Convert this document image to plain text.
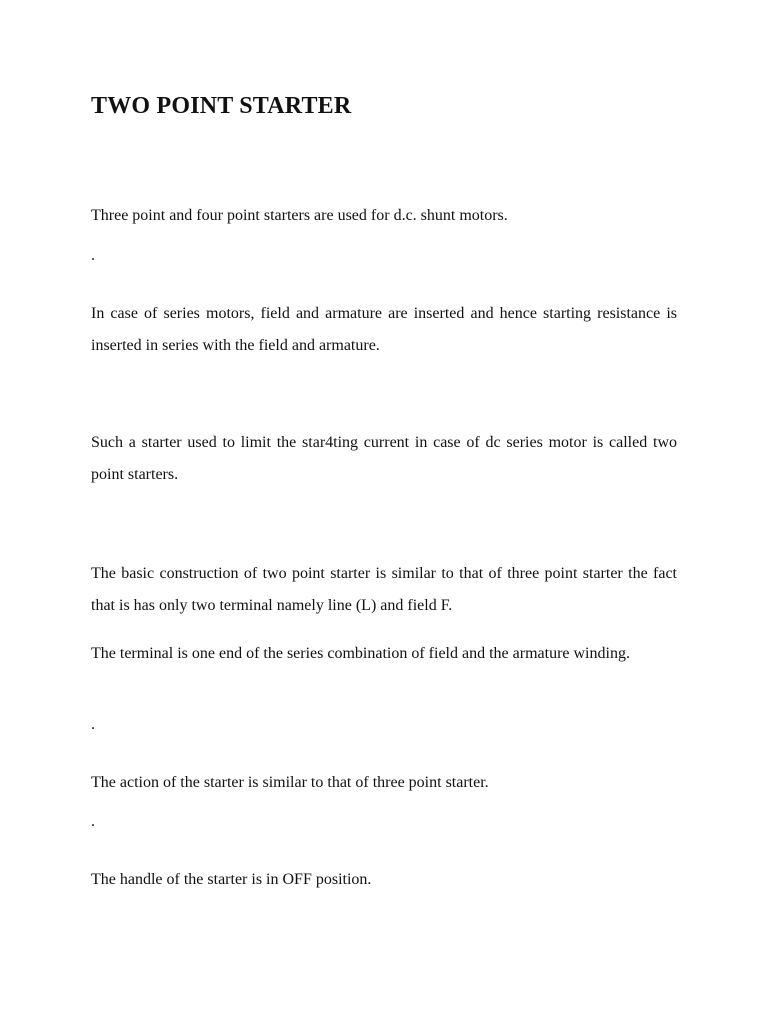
TWO POINT STARTER

Three point and four point starters are used for d.c. shunt motors.

.

In case of series motors, field and armature are inserted and hence starting resistance is inserted in series with the field and armature.

Such a starter used to limit the star4ting current in case of dc series motor is called two point starters.

The basic construction of two point starter is similar to that of three point starter the fact that is has only two terminal namely line (L) and field F.

The terminal is one end of the series combination of field and the armature winding.

.

The action of the starter is similar to that of three point starter.

.

The handle of the starter is in OFF position.
